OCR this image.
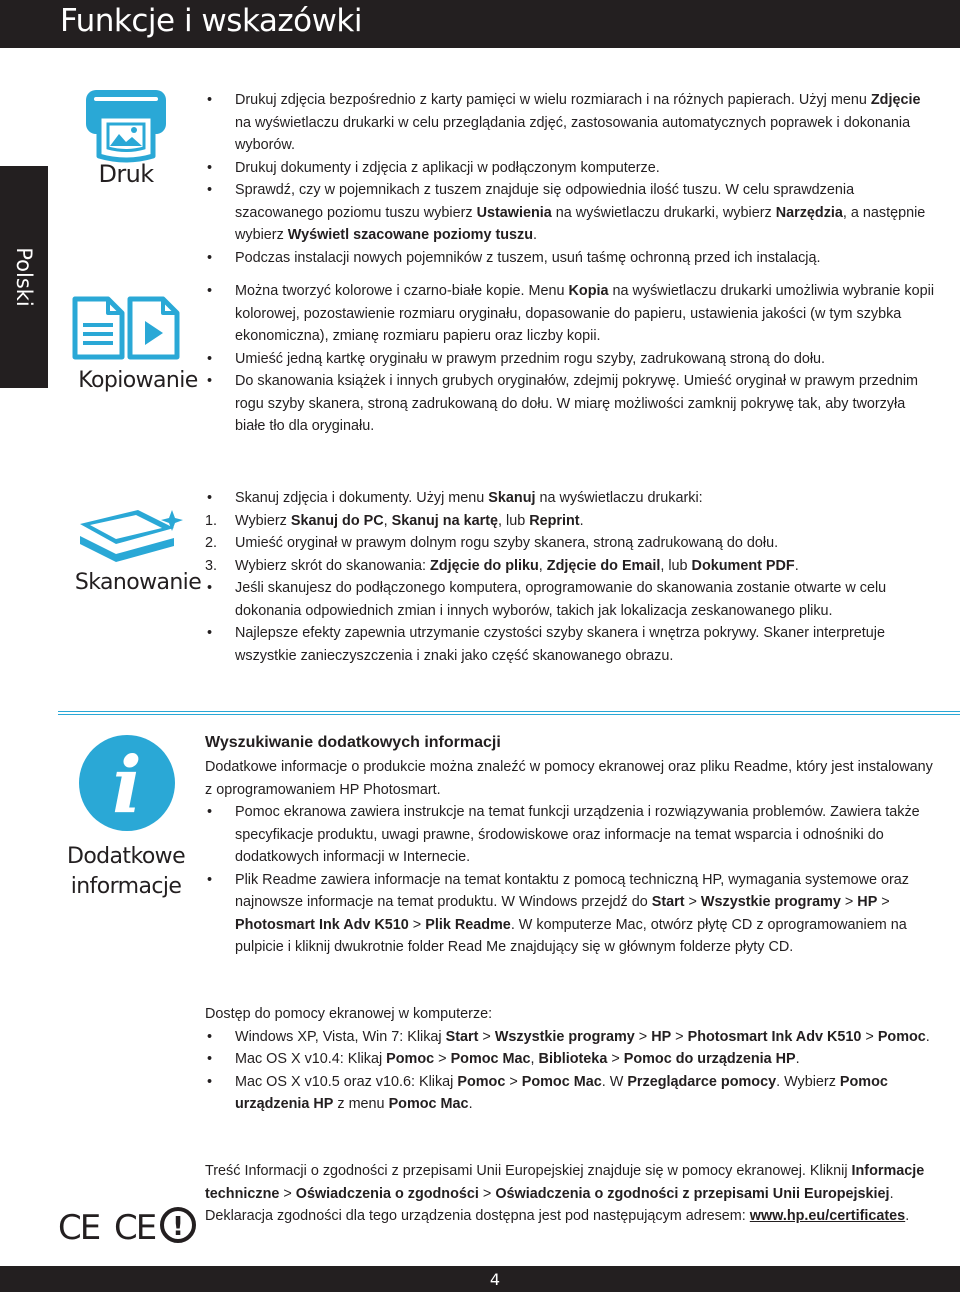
Funkcje i wskazówki
Polski
Druk
• Drukuj zdjęcia bezpośrednio z karty pamięci w wielu rozmiarach i na różnych papierach. Użyj menu Zdjęcie na wyświetlaczu drukarki w celu przeglądania zdjęć, zastosowania automatycznych poprawek i dokonania wyborów.
• Drukuj dokumenty i zdjęcia z aplikacji w podłączonym komputerze.
• Sprawdź, czy w pojemnikach z tuszem znajduje się odpowiednia ilość tuszu. W celu sprawdzenia szacowanego poziomu tuszu wybierz Ustawienia na wyświetlaczu drukarki, wybierz Narzędzia, a następnie wybierz Wyświetl szacowane poziomy tuszu.
• Podczas instalacji nowych pojemników z tuszem, usuń taśmę ochronną przed ich instalacją.
Kopiowanie
• Można tworzyć kolorowe i czarno-białe kopie. Menu Kopia na wyświetlaczu drukarki umożliwia wybranie kopii kolorowej, pozostawienie rozmiaru oryginału, dopasowanie do papieru, ustawienia jakości (w tym szybka ekonomiczna), zmianę rozmiaru papieru oraz liczby kopii.
• Umieść jedną kartkę oryginału w prawym przednim rogu szyby, zadrukowaną stroną do dołu.
• Do skanowania książek i innych grubych oryginałów, zdejmij pokrywę. Umieść oryginał w prawym przednim rogu szyby skanera, stroną zadrukowaną do dołu. W miarę możliwości zamknij pokrywę tak, aby tworzyła białe tło dla oryginału.
Skanowanie
• Skanuj zdjęcia i dokumenty. Użyj menu Skanuj na wyświetlaczu drukarki:
1. Wybierz Skanuj do PC, Skanuj na kartę, lub Reprint.
2. Umieść oryginał w prawym dolnym rogu szyby skanera, stroną zadrukowaną do dołu.
3. Wybierz skrót do skanowania: Zdjęcie do pliku, Zdjęcie do Email, lub Dokument PDF.
• Jeśli skanujesz do podłączonego komputera, oprogramowanie do skanowania zostanie otwarte w celu dokonania odpowiednich zmian i innych wyborów, takich jak lokalizacja zeskanowanego pliku.
• Najlepsze efekty zapewnia utrzymanie czystości szyby skanera i wnętrza pokrywy. Skaner interpretuje wszystkie zanieczyszczenia i znaki jako część skanowanego obrazu.
i
Dodatkowe
informacje
Wyszukiwanie dodatkowych informacji
Dodatkowe informacje o produkcie można znaleźć w pomocy ekranowej oraz pliku Readme, który jest instalowany z oprogramowaniem HP Photosmart.
• Pomoc ekranowa zawiera instrukcje na temat funkcji urządzenia i rozwiązywania problemów. Zawiera także specyfikacje produktu, uwagi prawne, środowiskowe oraz informacje na temat wsparcia i odnośniki do dodatkowych informacji w Internecie.
• Plik Readme zawiera informacje na temat kontaktu z pomocą techniczną HP, wymagania systemowe oraz najnowsze informacje na temat produktu. W Windows przejdź do Start > Wszystkie programy > HP > Photosmart Ink Adv K510 > Plik Readme. W komputerze Mac, otwórz płytę CD z oprogramowaniem na pulpicie i kliknij dwukrotnie folder Read Me znajdujący się w głównym folderze płyty CD.
Dostęp do pomocy ekranowej w komputerze:
• Windows XP, Vista, Win 7: Klikaj Start > Wszystkie programy > HP > Photosmart Ink Adv K510 > Pomoc.
• Mac OS X v10.4: Klikaj Pomoc > Pomoc Mac, Biblioteka > Pomoc do urządzenia HP.
• Mac OS X v10.5 oraz v10.6: Klikaj Pomoc > Pomoc Mac. W Przeglądarce pomocy. Wybierz Pomoc urządzenia HP z menu Pomoc Mac.
CE CE !
Treść Informacji o zgodności z przepisami Unii Europejskiej znajduje się w pomocy ekranowej. Kliknij Informacje techniczne > Oświadczenia o zgodności > Oświadczenia o zgodności z przepisami Unii Europejskiej. Deklaracja zgodności dla tego urządzenia dostępna jest pod następującym adresem: www.hp.eu/certificates.
4
